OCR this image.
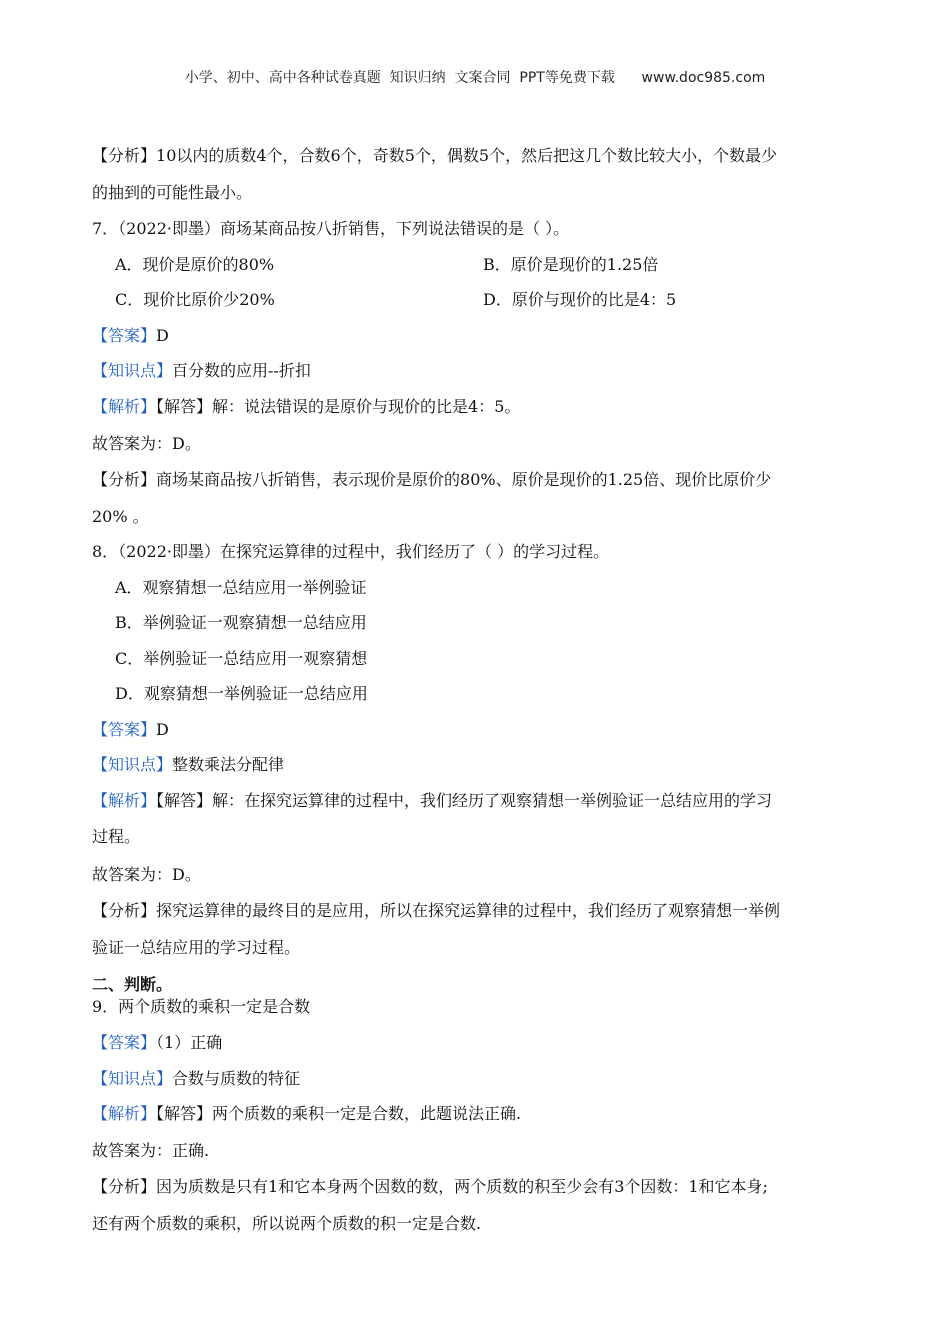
小学、初中、高中各种试卷真题  知识归纳  文案合同  PPT等免费下载      www.doc985.com
【分析】10以内的质数4个，合数6个，奇数5个，偶数5个，然后把这几个数比较大小，个数最少
的抽到的可能性最小。
7．（2022·即墨）商场某商品按八折销售，下列说法错误的是（ ）。
A．现价是原价的80%	B．原价是现价的1.25倍
C．现价比原价少20%	D．原价与现价的比是4：5
【答案】D
【知识点】百分数的应用--折扣
【解析】【解答】解：说法错误的是原价与现价的比是4：5。
故答案为：D。
【分析】商场某商品按八折销售，表示现价是原价的80%、原价是现价的1.25倍、现价比原价少
20% 。
8．（2022·即墨）在探究运算律的过程中，我们经历了（ ）的学习过程。
A．观察猜想一总结应用一举例验证
B．举例验证一观察猜想一总结应用
C．举例验证一总结应用一观察猜想
D．观察猜想一举例验证一总结应用
【答案】D
【知识点】整数乘法分配律
【解析】【解答】解：在探究运算律的过程中，我们经历了观察猜想一举例验证一总结应用的学习
过程。
故答案为：D。
【分析】探究运算律的最终目的是应用，所以在探究运算律的过程中，我们经历了观察猜想一举例
验证一总结应用的学习过程。
二、判断。
9．两个质数的乘积一定是合数
【答案】（1）正确
【知识点】合数与质数的特征
【解析】【解答】两个质数的乘积一定是合数，此题说法正确.
故答案为：正确.
【分析】因为质数是只有1和它本身两个因数的数，两个质数的积至少会有3个因数：1和它本身;
还有两个质数的乘积，所以说两个质数的积一定是合数.
